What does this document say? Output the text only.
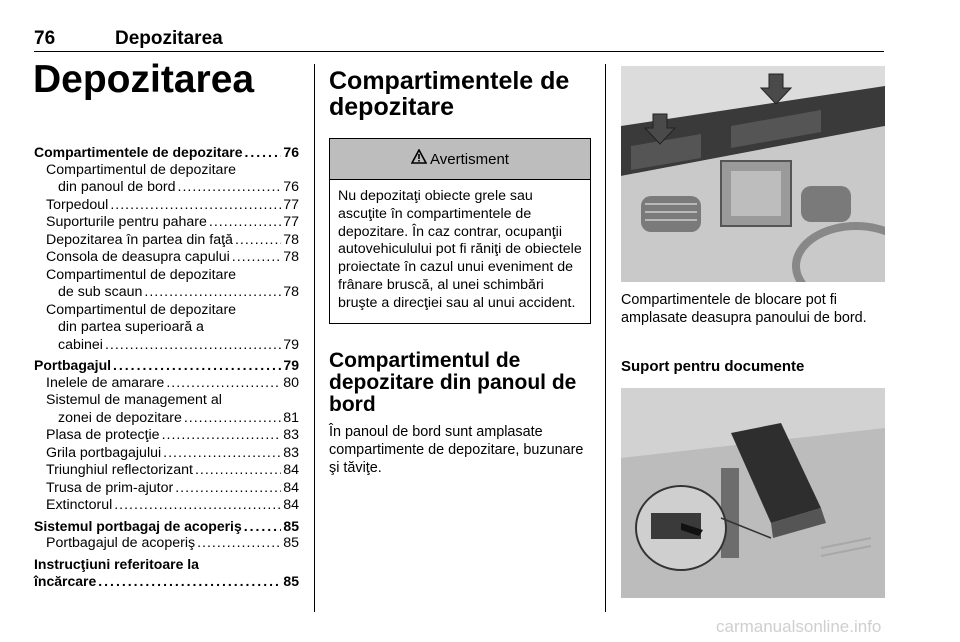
76	Depozitarea
Depozitarea
Compartimentele de depozitare .....	76
Compartimentul de depozitare
din panoul de bord .....	76
Torpedoul .....	77
Suporturile pentru pahare .....	77
Depozitarea în partea din faţă .....	78
Consola de deasupra capului .....	78
Compartimentul de depozitare
de sub scaun .....	78
Compartimentul de depozitare
din partea superioară a
cabinei .....	79
Portbagajul .....	79
Inelele de amarare .....	80
Sistemul de management al
zonei de depozitare .....	81
Plasa de protecţie .....	83
Grila portbagajului .....	83
Triunghiul reflectorizant .....	84
Trusa de prim-ajutor .....	84
Extinctorul .....	84
Sistemul portbagaj de acoperiş .....	85
Portbagajul de acoperiş .....	85
Instrucţiuni referitoare la
încărcare .....	85
Compartimentele de
depozitare
Avertisment
Nu depozitaţi obiecte grele sau ascuţite în compartimentele de depozitare. În caz contrar, ocupanţii autovehiculului pot fi răniţi de obiectele proiectate în cazul unui eveniment de frânare bruscă, al unei schimbări bruşte a direcţiei sau al unui accident.
Compartimentul de
depozitare din panoul de
bord
În panoul de bord sunt amplasate compartimente de depozitare, buzunare şi tăviţe.
Compartimentele de blocare pot fi amplasate deasupra panoului de bord.
Suport pentru documente
carmanualsonline.info
